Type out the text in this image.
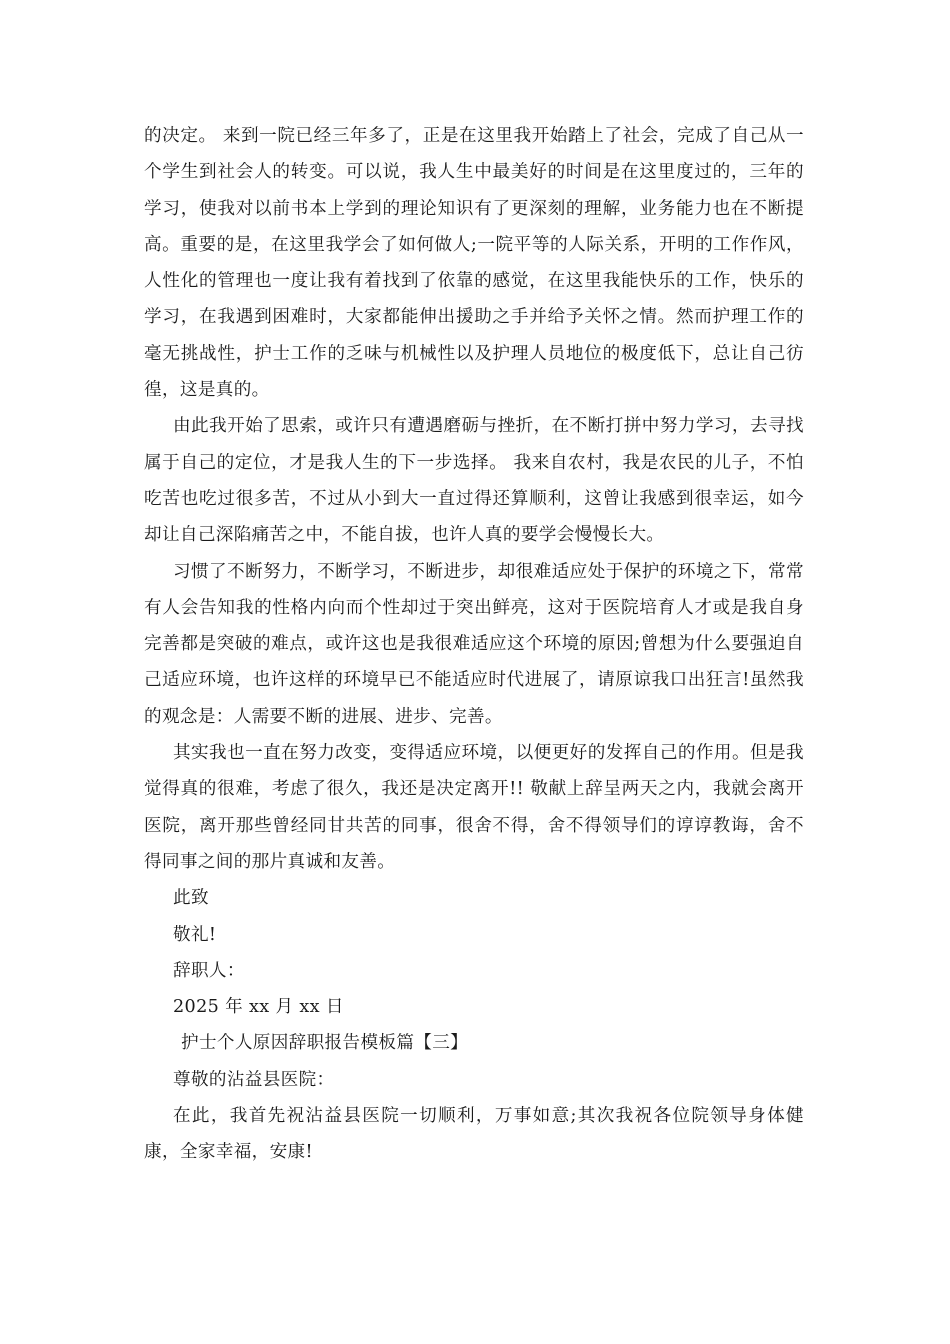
的决定。 来到一院已经三年多了，正是在这里我开始踏上了社会，完成了自己从一个学生到社会人的转变。可以说，我人生中最美好的时间是在这里度过的，三年的学习，使我对以前书本上学到的理论知识有了更深刻的理解，业务能力也在不断提高。重要的是，在这里我学会了如何做人;一院平等的人际关系，开明的工作作风，人性化的管理也一度让我有着找到了依靠的感觉，在这里我能快乐的工作，快乐的学习，在我遇到困难时，大家都能伸出援助之手并给予关怀之情。然而护理工作的毫无挑战性，护士工作的乏味与机械性以及护理人员地位的极度低下，总让自己彷徨，这是真的。

由此我开始了思索，或许只有遭遇磨砺与挫折，在不断打拼中努力学习，去寻找属于自己的定位，才是我人生的下一步选择。 我来自农村，我是农民的儿子，不怕吃苦也吃过很多苦，不过从小到大一直过得还算顺利，这曾让我感到很幸运，如今却让自己深陷痛苦之中，不能自拔，也许人真的要学会慢慢长大。

习惯了不断努力，不断学习，不断进步，却很难适应处于保护的环境之下，常常有人会告知我的性格内向而个性却过于突出鲜亮，这对于医院培育人才或是我自身完善都是突破的难点，或许这也是我很难适应这个环境的原因;曾想为什么要强迫自己适应环境，也许这样的环境早已不能适应时代进展了，请原谅我口出狂言!虽然我的观念是：人需要不断的进展、进步、完善。

其实我也一直在努力改变，变得适应环境，以便更好的发挥自己的作用。但是我觉得真的很难，考虑了很久，我还是决定离开!! 敬献上辞呈两天之内，我就会离开医院，离开那些曾经同甘共苦的同事，很舍不得，舍不得领导们的谆谆教诲，舍不得同事之间的那片真诚和友善。

此致

敬礼!

辞职人：

2025 年 xx 月 xx 日

护士个人原因辞职报告模板篇【三】

尊敬的沾益县医院：

在此，我首先祝沾益县医院一切顺利，万事如意;其次我祝各位院领导身体健康，全家幸福，安康!
